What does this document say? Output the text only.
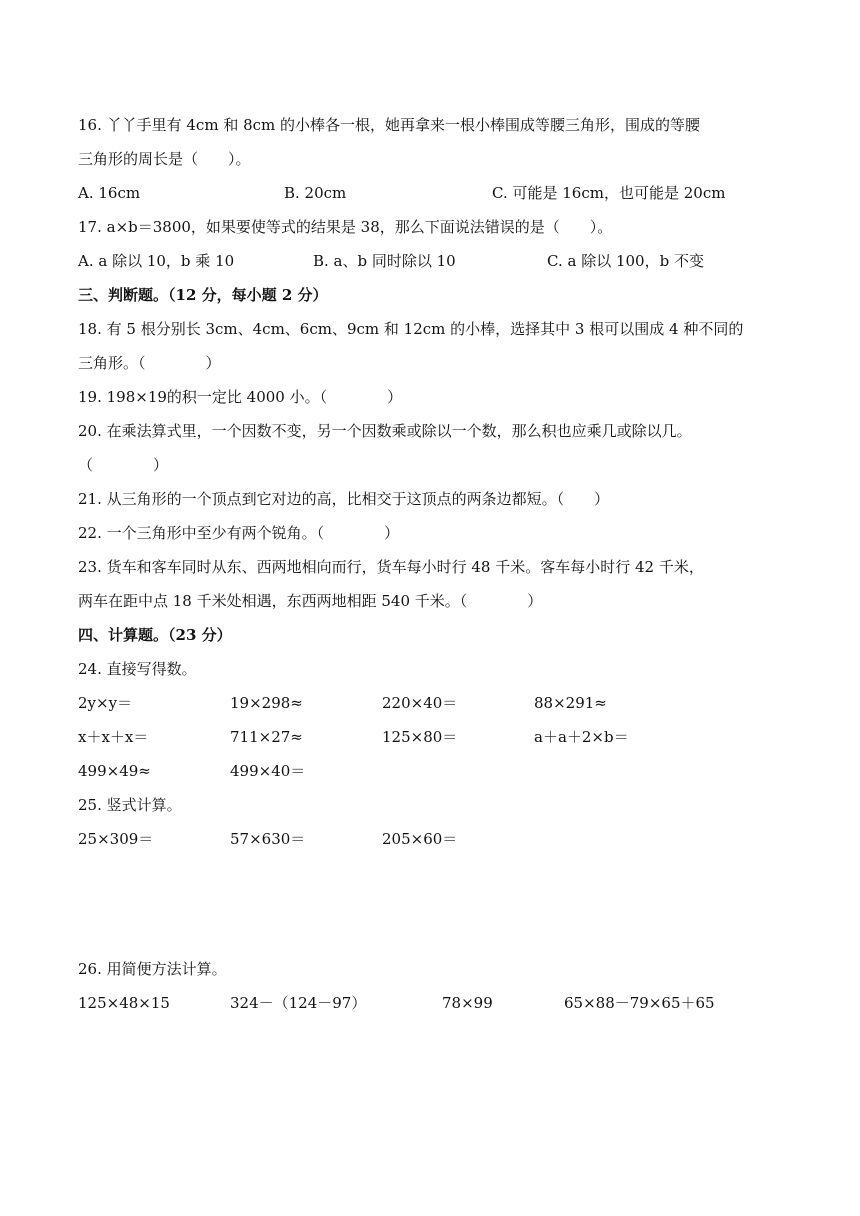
16. 丫丫手里有 4cm 和 8cm 的小棒各一根，她再拿来一根小棒围成等腰三角形，围成的等腰
三角形的周长是（　　）。
A. 16cm	B. 20cm	C. 可能是 16cm，也可能是 20cm
17. a×b＝3800，如果要使等式的结果是 38，那么下面说法错误的是（　　）。
A. a 除以 10，b 乘 10	B. a、b 同时除以 10	C. a 除以 100，b 不变
三、判断题。（12 分，每小题 2 分）
18. 有 5 根分别长 3cm、4cm、6cm、9cm 和 12cm 的小棒，选择其中 3 根可以围成 4 种不同的
三角形。（　　　　）
19. 198×19的积一定比 4000 小。（　　　　）
20. 在乘法算式里，一个因数不变，另一个因数乘或除以一个数，那么积也应乘几或除以几。
（　　　　）
21. 从三角形的一个顶点到它对边的高，比相交于这顶点的两条边都短。（　　）
22. 一个三角形中至少有两个锐角。（　　　　）
23. 货车和客车同时从东、西两地相向而行，货车每小时行 48 千米。客车每小时行 42 千米，
两车在距中点 18 千米处相遇，东西两地相距 540 千米。（　　　　）
四、计算题。（23 分）
24. 直接写得数。
2y×y＝	19×298≈	220×40＝	88×291≈
x＋x＋x＝	711×27≈	125×80＝	a＋a＋2×b＝
499×49≈	499×40＝
25. 竖式计算。
25×309＝	57×630＝	205×60＝
26. 用简便方法计算。
125×48×15	324－（124－97）	78×99	65×88－79×65＋65
